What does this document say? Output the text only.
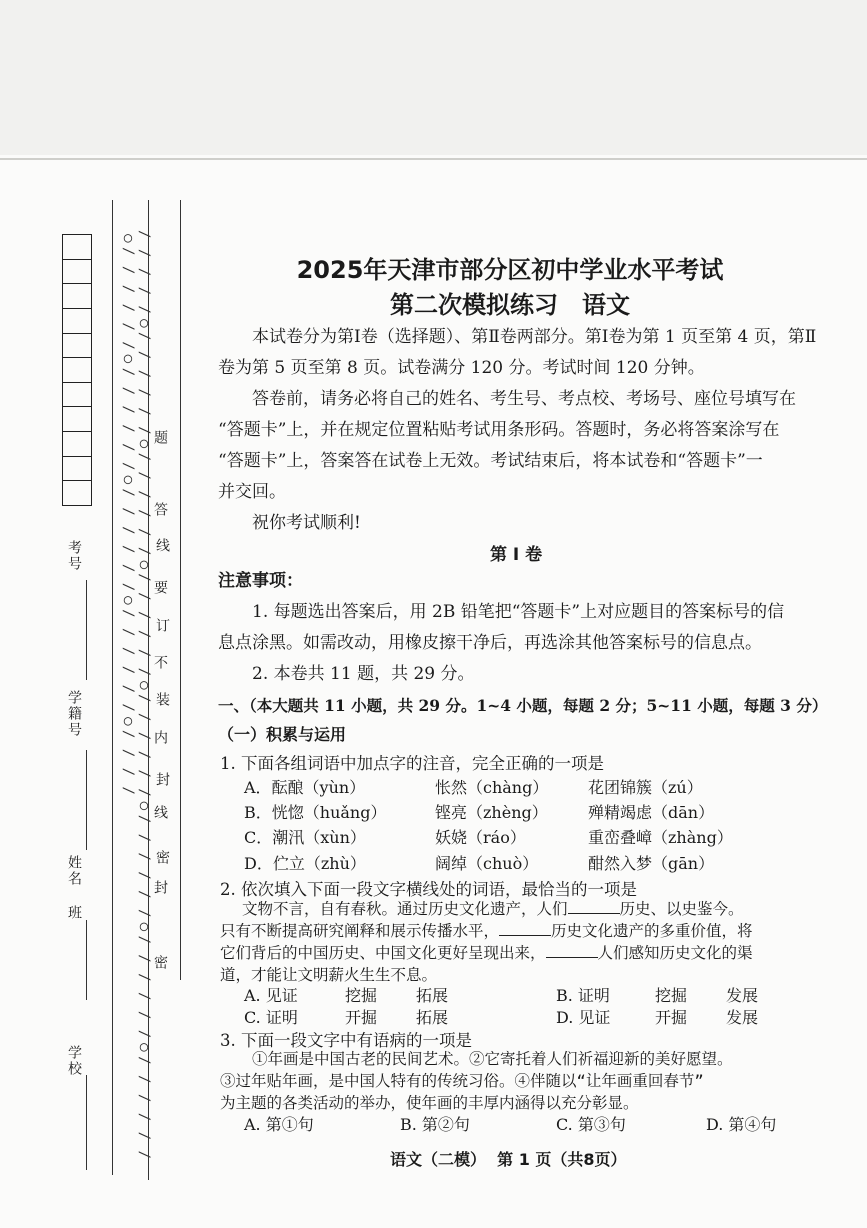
考号
学籍号
姓名
班
学校	/ / / / /○/ / / / / /○/ / / / / /○/ / / / / /○/ / / / / /○/ / / / / /○/ / / / / /○/ / / / / /○/ / / / / /○/ / / / / /○/ / / / / /○/ / / / / /○/ / / /	线
订
装
封
密
题
答
要
不
内
线
封
密
2025年天津市部分区初中学业水平考试
第二次模拟练习　语文
本试卷分为第Ⅰ卷（选择题）、第Ⅱ卷两部分。第Ⅰ卷为第 1 页至第 4 页，第Ⅱ
卷为第 5 页至第 8 页。试卷满分 120 分。考试时间 120 分钟。
答卷前，请务必将自己的姓名、考生号、考点校、考场号、座位号填写在
“答题卡”上，并在规定位置粘贴考试用条形码。答题时，务必将答案涂写在
“答题卡”上，答案答在试卷上无效。考试结束后，将本试卷和“答题卡”一
并交回。
祝你考试顺利!
第 Ⅰ 卷
注意事项：
1. 每题选出答案后，用 2B 铅笔把“答题卡”上对应题目的答案标号的信
息点涂黑。如需改动，用橡皮擦干净后，再选涂其他答案标号的信息点。
2. 本卷共 11 题，共 29 分。
一、（本大题共 11 小题，共 29 分。1~4 小题，每题 2 分；5~11 小题，每题 3 分）
（一）积累与运用
1. 下面各组词语中加点字的注音，完全正确的一项是
A．酝酿（yùn）	怅然（chàng） 花团锦簇（zú）
B．恍惚（huǎng）	铿亮（zhèng）	殚精竭虑（dān）
C．潮汛（xùn）	妖娆（ráo）	重峦叠嶂（zhàng）
D．伫立（zhù）	阔绰（chuò）	酣然入梦（gān）
2. 依次填入下面一段文字横线处的词语，最恰当的一项是
文物不言，自有春秋。通过历史文化遗产，人们	历史、以史鉴今。
只有不断提高研究阐释和展示传播水平，	历史文化遗产的多重价值，将
它们背后的中国历史、中国文化更好呈现出来，	人们感知历史文化的渠
道，才能让文明薪火生生不息。
A. 见证	挖掘 拓展	B. 证明	挖掘 发展
C. 证明	开掘 拓展	D. 见证	开掘 发展
3. 下面一段文字中有语病的一项是
①年画是中国古老的民间艺术。②它寄托着人们祈福迎新的美好愿望。
③过年贴年画，是中国人特有的传统习俗。④伴随以“让年画重回春节”
为主题的各类活动的举办，使年画的丰厚内涵得以充分彰显。
A. 第①句	B. 第②句	C. 第③句	D. 第④句
语文（二模）  第 1 页（共8页）
